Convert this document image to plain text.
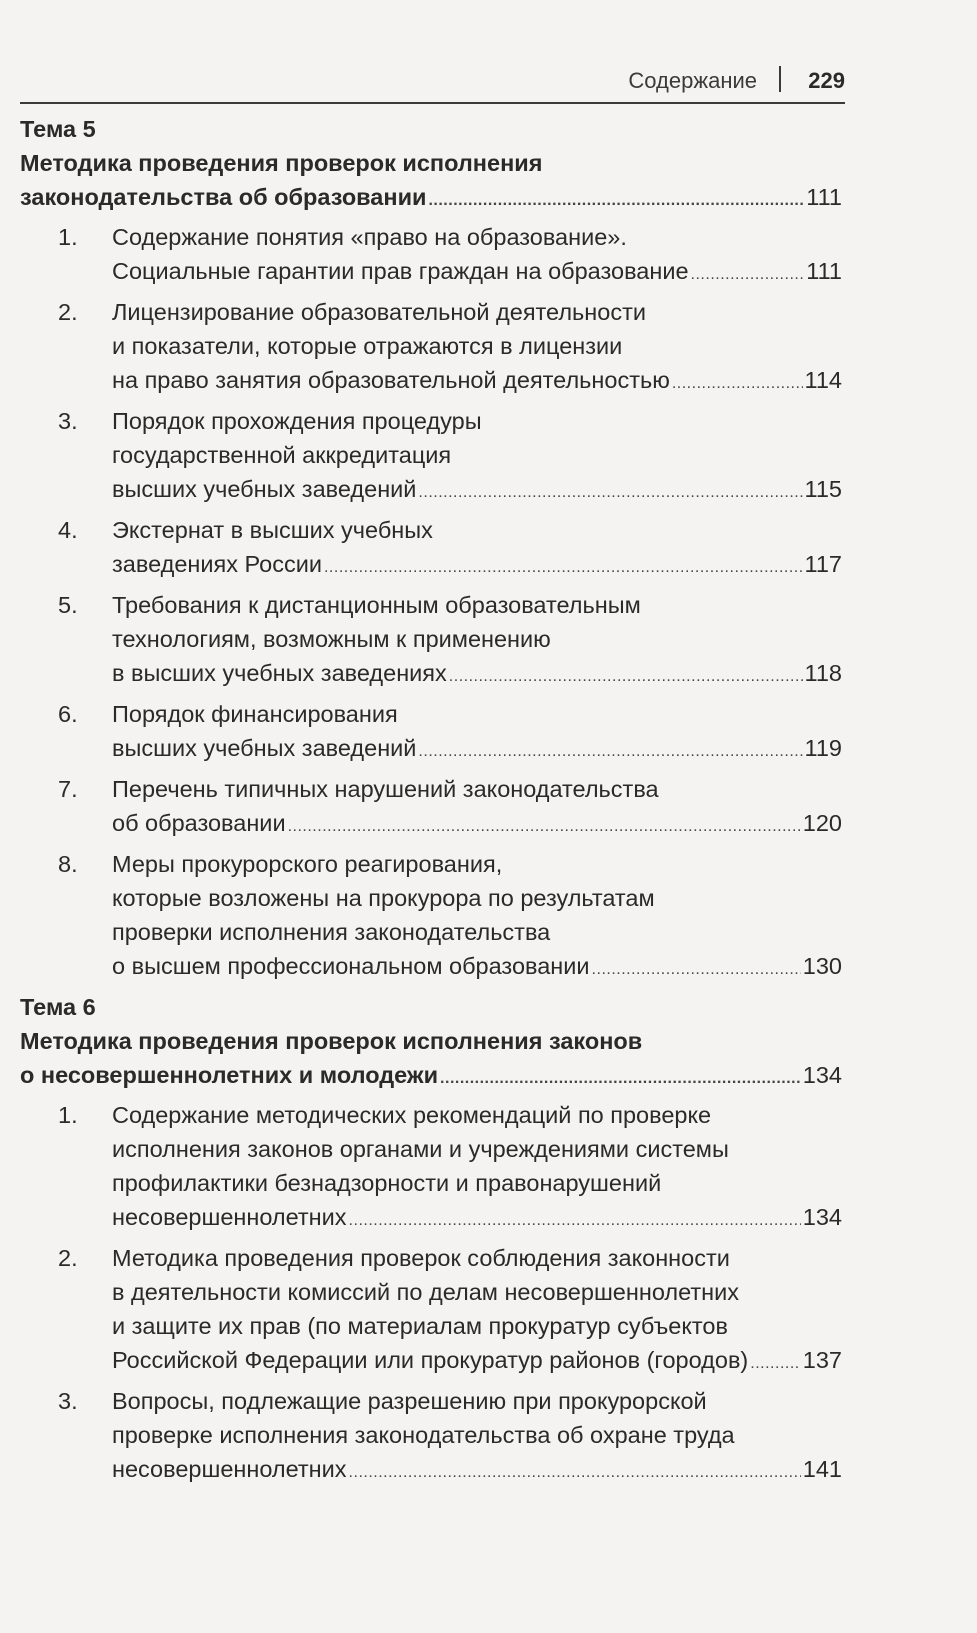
Содержание 229
Тема 5
Методика проведения проверок исполнения
законодательства об образовании .....	111
1. Содержание понятия «право на образование».
Социальные гарантии прав граждан на образование .....	111
2. Лицензирование образовательной деятельности
и показатели, которые отражаются в лицензии
на право занятия образовательной деятельностью .....	114
3. Порядок прохождения процедуры
государственной аккредитация
высших учебных заведений .....	115
4. Экстернат в высших учебных
заведениях России .....	117
5. Требования к дистанционным образовательным
технологиям, возможным к применению
в высших учебных заведениях .....	118
6. Порядок финансирования
высших учебных заведений .....	119
7. Перечень типичных нарушений законодательства
об образовании .....	120
8. Меры прокурорского реагирования,
которые возложены на прокурора по результатам
проверки исполнения законодательства
о высшем профессиональном образовании .....	130
Тема 6
Методика проведения проверок исполнения законов
о несовершеннолетних и молодежи .....	134
1. Содержание методических рекомендаций по проверке
исполнения законов органами и учреждениями системы
профилактики безнадзорности и правонарушений
несовершеннолетних .....	134
2. Методика проведения проверок соблюдения законности
в деятельности комиссий по делам несовершеннолетних
и защите их прав (по материалам прокуратур субъектов
Российской Федерации или прокуратур районов (городов) ..... 137
3. Вопросы, подлежащие разрешению при прокурорской
проверке исполнения законодательства об охране труда
несовершеннолетних .....	141
